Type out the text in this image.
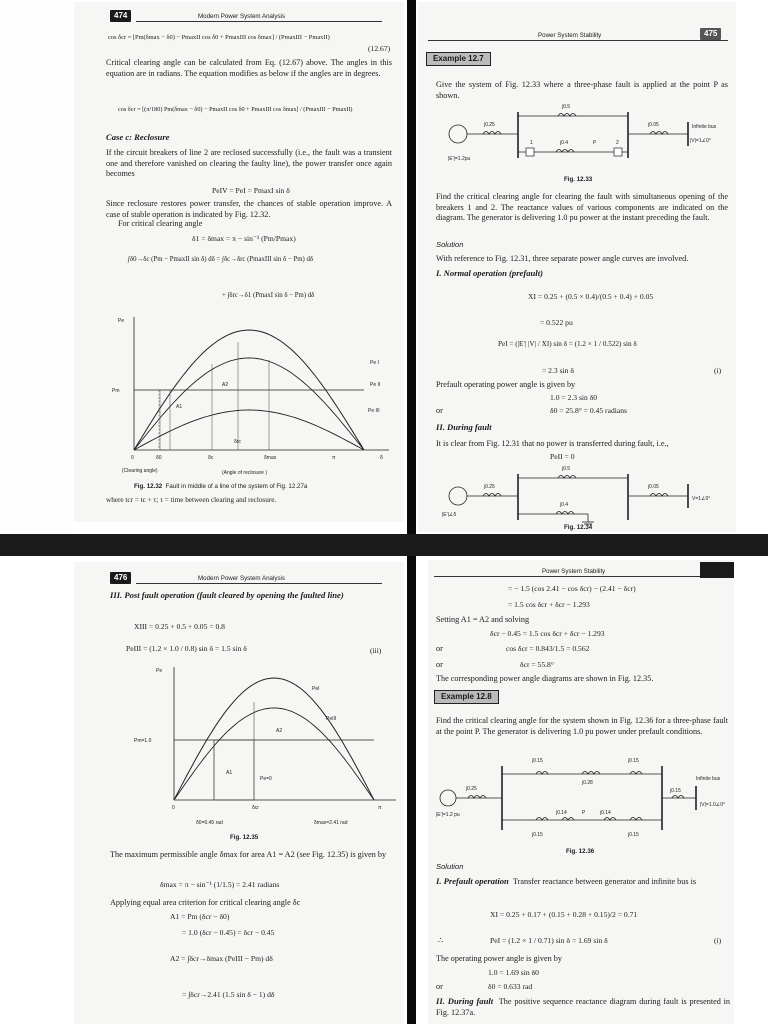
474	Modern Power System Analysis
cos δcr = [Pm(δmax − δ0) − PmaxII cos δ0 + PmaxIII cos δmax] / (PmaxIII − PmaxII)
(12.67)
Critical clearing angle can be calculated from Eq. (12.67) above. The angles in this equation are in radians. The equation modifies as below if the angles are in degrees.
cos δcr = [(π/180) Pm(δmax − δ0) − PmaxII cos δ0 + PmaxIII cos δmax] / (PmaxIII − PmaxII)
Case c: Reclosure
If the circuit breakers of line 2 are reclosed successfully (i.e., the fault was a transient one and therefore vanished on clearing the faulty line), the power transfer once again becomes
PeIV = PeI = PmaxI sin δ
Since reclosure restores power transfer, the chances of stable operation improve. A case of stable operation is indicated by Fig. 12.32.
For critical clearing angle
δ1 = δmax = π − sin⁻¹ (Pm/Pmax)
∫δ0→δc (Pm − PmaxII sin δ) dδ = ∫δc→δrc (PmaxIII sin δ − Pm) dδ
+ ∫δrc→δ1 (PmaxI sin δ − Pm) dδ
Pe
Pm
Pe I
Pe II
Pe III
A1
A2
0	δ0	δc
δrc
δmax	π	δ
(Clearing angle)	(Angle of reclosure )
Fig. 12.32 Fault in middle of a line of the system of Fig. 12.27a
where tcr = tc + τ; τ = time between clearing and reclosure.
Power System Stability	475
Example 12.7
Give the system of Fig. 12.33 where a three-phase fault is applied at the point P as shown.
j0.5
j0.25	j0.05
j0.4	P
1	2
Infinite bus
|V|=1∠0°
|E'|=1.2pu
Fig. 12.33
Find the critical clearing angle for clearing the fault with simultaneous opening of the breakers 1 and 2. The reactance values of various components are indicated on the diagram. The generator is delivering 1.0 pu power at the instant preceding the fault.
Solution
With reference to Fig. 12.31, three separate power angle curves are involved.
I. Normal operation (prefault)
XI = 0.25 + (0.5 × 0.4)/(0.5 + 0.4) + 0.05
= 0.522 pu
PeI = (|E'| |V| / XI) sin δ = (1.2 × 1 / 0.522) sin δ
= 2.3 sin δ	(i)
Prefault operating power angle is given by
1.0 = 2.3 sin δ0
or	δ0 = 25.8° = 0.45 radians
II. During fault
It is clear from Fig. 12.31 that no power is transferred during fault, i.e.,
PeII = 0
j0.5
j0.25	j0.05
j0.4
|E'|∠δ
V=1∠0°
Fig. 12.34
476	Modern Power System Analysis
III. Post fault operation (fault cleared by opening the faulted line)
XIII = 0.25 + 0.5 + 0.05 = 0.8
PeIII = (1.2 × 1.0 / 0.8) sin δ = 1.5 sin δ	(iii)
Pe
Pm=1.0
PeI
PeIII
A1
A2
Pe=0
0	δcr	π
δ0=0.45 rad	δmax=2.41 rad
Fig. 12.35
The maximum permissible angle δmax for area A1 = A2 (see Fig. 12.35) is given by
δmax = π − sin⁻¹ (1/1.5) = 2.41 radians
Applying equal area criterion for critical clearing angle δc
A1 = Pm (δcr − δ0)
= 1.0 (δcr − 0.45) = δcr − 0.45
A2 = ∫δcr→δmax (PeIII − Pm) dδ
= ∫δcr→2.41 (1.5 sin δ − 1) dδ
Power System Stability
= − 1.5 (cos 2.41 − cos δcr) − (2.41 − δcr)
= 1.5 cos δcr + δcr − 1.293
Setting A1 = A2 and solving
δcr − 0.45 = 1.5 cos δcr + δcr − 1.293
or	cos δcr = 0.843/1.5 = 0.562
or	δcr = 55.8°
The corresponding power angle diagrams are shown in Fig. 12.35.
Example 12.8
Find the critical clearing angle for the system shown in Fig. 12.36 for a three-phase fault at the point P. The generator is delivering 1.0 pu power under prefault conditions.
j0.15	j0.15
j0.28
j0.25	j0.15
j0.14	P	j0.14
j0.15	j0.15
Infinite bus
|V|=1.0∠0°
|E'|=1.2 pu
Fig. 12.36
Solution
I. Prefault operation Transfer reactance between generator and infinite bus is
XI = 0.25 + 0.17 + (0.15 + 0.28 + 0.15)/2 = 0.71
∴	PeI = (1.2 × 1 / 0.71) sin δ = 1.69 sin δ	(i)
The operating power angle is given by
1.0 = 1.69 sin δ0
or	δ0 = 0.633 rad
II. During fault The positive sequence reactance diagram during fault is presented in Fig. 12.37a.
